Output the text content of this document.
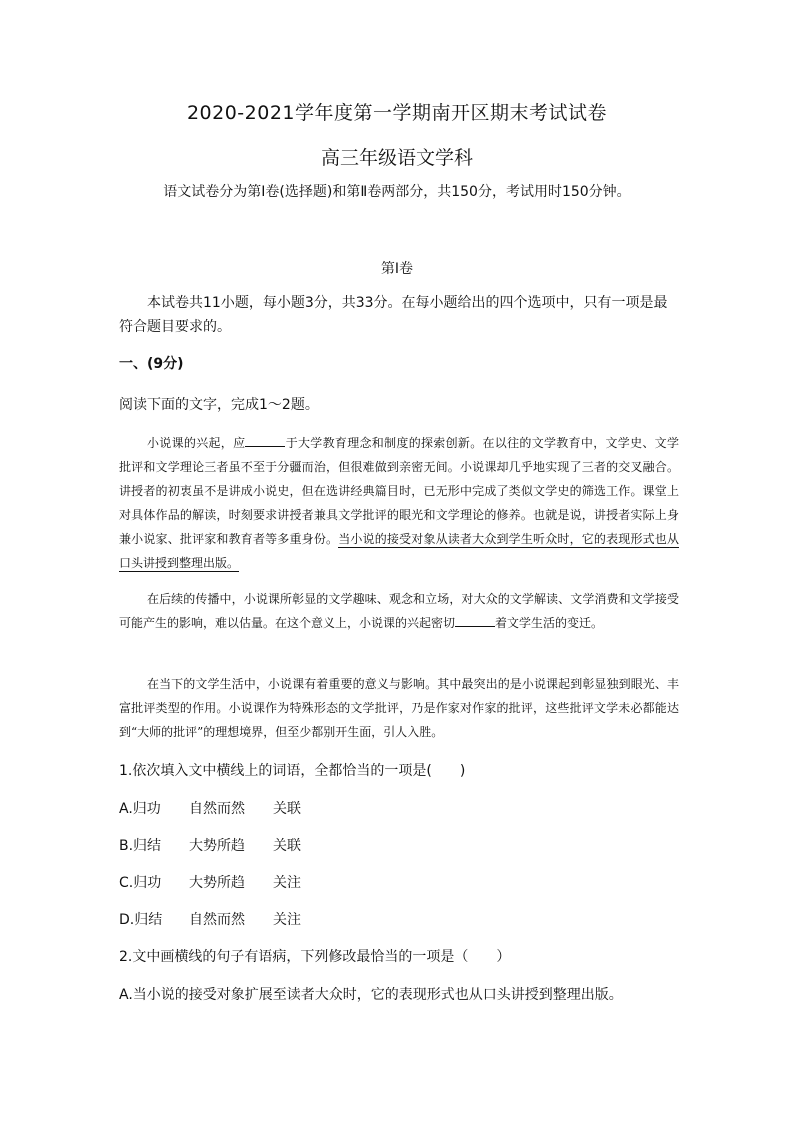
2020-2021学年度第一学期南开区期末考试试卷
高三年级语文学科
语文试卷分为第Ⅰ卷(选择题)和第Ⅱ卷两部分，共150分，考试用时150分钟。
第Ⅰ卷
本试卷共11小题，每小题3分，共33分。在每小题给出的四个选项中，只有一项是最符合题目要求的。
一、(9分)
阅读下面的文字，完成1～2题。
小说课的兴起，应	于大学教育理念和制度的探索创新。在以往的文学教育中，文学史、文学批评和文学理论三者虽不至于分疆而治，但很难做到亲密无间。小说课却几乎地实现了三者的交叉融合。讲授者的初衷虽不是讲成小说史，但在选讲经典篇目时，已无形中完成了类似文学史的筛选工作。课堂上对具体作品的解读，时刻要求讲授者兼具文学批评的眼光和文学理论的修养。也就是说，讲授者实际上身兼小说家、批评家和教育者等多重身份。当小说的接受对象从读者大众到学生听众时，它的表现形式也从口头讲授到整理出版。
在后续的传播中，小说课所彰显的文学趣味、观念和立场，对大众的文学解读、文学消费和文学接受可能产生的影响，难以估量。在这个意义上，小说课的兴起密切	着文学生活的变迁。
在当下的文学生活中，小说课有着重要的意义与影响。其中最突出的是小说课起到彰显独到眼光、丰富批评类型的作用。小说课作为特殊形态的文学批评，乃是作家对作家的批评，这些批评文学未必都能达到“大师的批评”的理想境界，但至少都别开生面，引人入胜。
1.依次填入文中横线上的词语，全都恰当的一项是(　　)
A.归功 自然而然 关联
B.归结 大势所趋 关联
C.归功 大势所趋 关注
D.归结 自然而然 关注
2.文中画横线的句子有语病，下列修改最恰当的一项是（　　）
A.当小说的接受对象扩展至读者大众时，它的表现形式也从口头讲授到整理出版。
